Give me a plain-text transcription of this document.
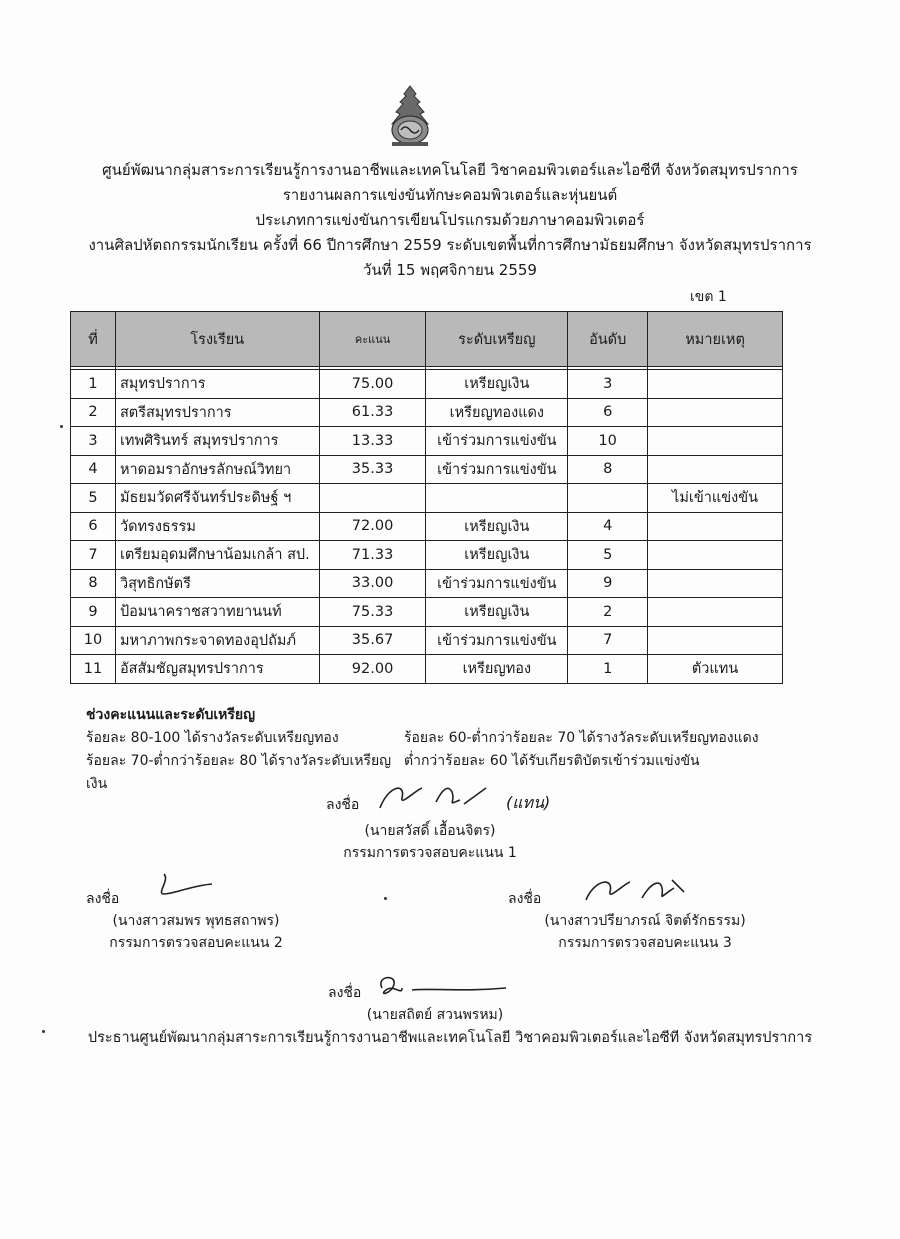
ศูนย์พัฒนากลุ่มสาระการเรียนรู้การงานอาชีพและเทคโนโลยี วิชาคอมพิวเตอร์และไอซีที จังหวัดสมุทรปราการ
รายงานผลการแข่งขันทักษะคอมพิวเตอร์และหุ่นยนต์
ประเภทการแข่งขันการเขียนโปรแกรมด้วยภาษาคอมพิวเตอร์
งานศิลปหัตถกรรมนักเรียน ครั้งที่ 66 ปีการศึกษา 2559 ระดับเขตพื้นที่การศึกษามัธยมศึกษา จังหวัดสมุทรปราการ
วันที่ 15 พฤศจิกายน 2559
เขต 1
ที่	โรงเรียน	คะแนน	ระดับเหรียญ	อันดับ	หมายเหตุ

1	สมุทรปราการ	75.00	เหรียญเงิน	3	
2	สตรีสมุทรปราการ	61.33	เหรียญทองแดง	6	
3	เทพศิรินทร์ สมุทรปราการ	13.33	เข้าร่วมการแข่งขัน	10	
4	หาดอมราอักษรลักษณ์วิทยา	35.33	เข้าร่วมการแข่งขัน	8	
5	มัธยมวัดศรีจันทร์ประดิษฐ์ ฯ				ไม่เข้าแข่งขัน
6	วัดทรงธรรม	72.00	เหรียญเงิน	4	
7	เตรียมอุดมศึกษาน้อมเกล้า สป.	71.33	เหรียญเงิน	5	
8	วิสุทธิกษัตรี	33.00	เข้าร่วมการแข่งขัน	9	
9	ป้อมนาคราชสวาทยานนท์	75.33	เหรียญเงิน	2	
10	มหาภาพกระจาดทองอุปถัมภ์	35.67	เข้าร่วมการแข่งขัน	7	
11	อัสสัมชัญสมุทรปราการ	92.00	เหรียญทอง	1	ตัวแทน
ช่วงคะแนนและระดับเหรียญ
ร้อยละ 80-100 ได้รางวัลระดับเหรียญทอง	ร้อยละ 60-ต่ำกว่าร้อยละ 70 ได้รางวัลระดับเหรียญทองแดง
ร้อยละ 70-ต่ำกว่าร้อยละ 80 ได้รางวัลระดับเหรียญเงิน
ต่ำกว่าร้อยละ 60 ได้รับเกียรติบัตรเข้าร่วมแข่งขัน
ลงชื่อ	(แทน)
(นายสวัสดิ์ เอื้อนจิตร)
กรรมการตรวจสอบคะแนน 1
ลงชื่อ
(นางสาวสมพร พุทธสถาพร)
กรรมการตรวจสอบคะแนน 2
ลงชื่อ
(นางสาวปรียาภรณ์ จิตต์รักธรรม)
กรรมการตรวจสอบคะแนน 3
ลงชื่อ
(นายสถิตย์ สวนพรหม)
ประธานศูนย์พัฒนากลุ่มสาระการเรียนรู้การงานอาชีพและเทคโนโลยี วิชาคอมพิวเตอร์และไอซีที จังหวัดสมุทรปราการ
